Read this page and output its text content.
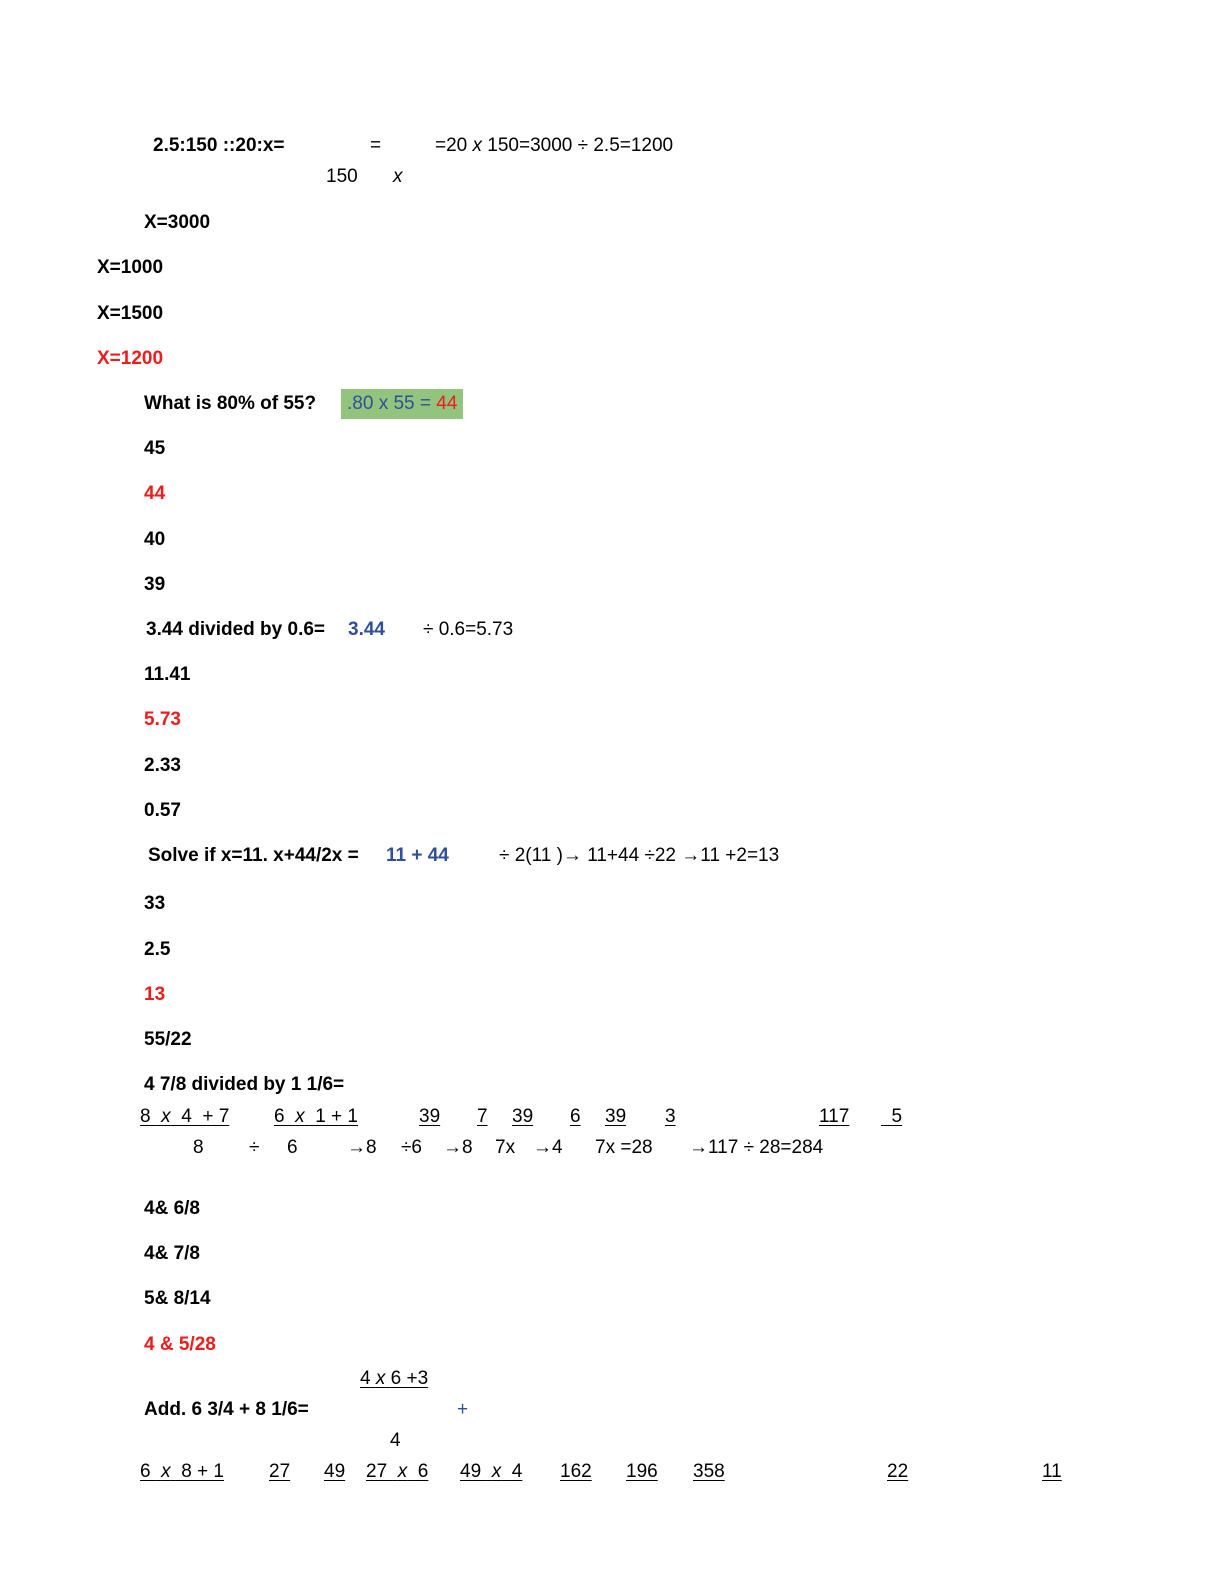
2.5:150 ::20:x=	=	=20 x 150=3000 ÷ 2.5=1200
150 x
X=3000
X=1000
X=1500
X=1200
What is 80% of 55?	.80 x 55 = 44
45
44
40
39
3.44 divided by 0.6= 3.44 ÷ 0.6=5.73
11.41
5.73
2.33
0.57
Solve if x=11. x+44/2x = 11 + 44	÷ 2(11 )→ 11+44 ÷22 →11 +2=13
33
2.5
13
55/22
4 7/8 divided by 1 1/6=
8  x  4  + 7 6  x  1 + 1	39 7 39 6 39 3	117 5
8 ÷ 6	→8 ÷6 →8 7x →4 7x =28 →117 ÷ 28=284
4& 6/8
4& 7/8
5& 8/14
4 & 5/28
4 x 6 +3
Add. 6 3/4 + 8 1/6=	+
4
6  x  8 + 1 27 49 27  x  6 49  x  4 162 196 358	22	11
